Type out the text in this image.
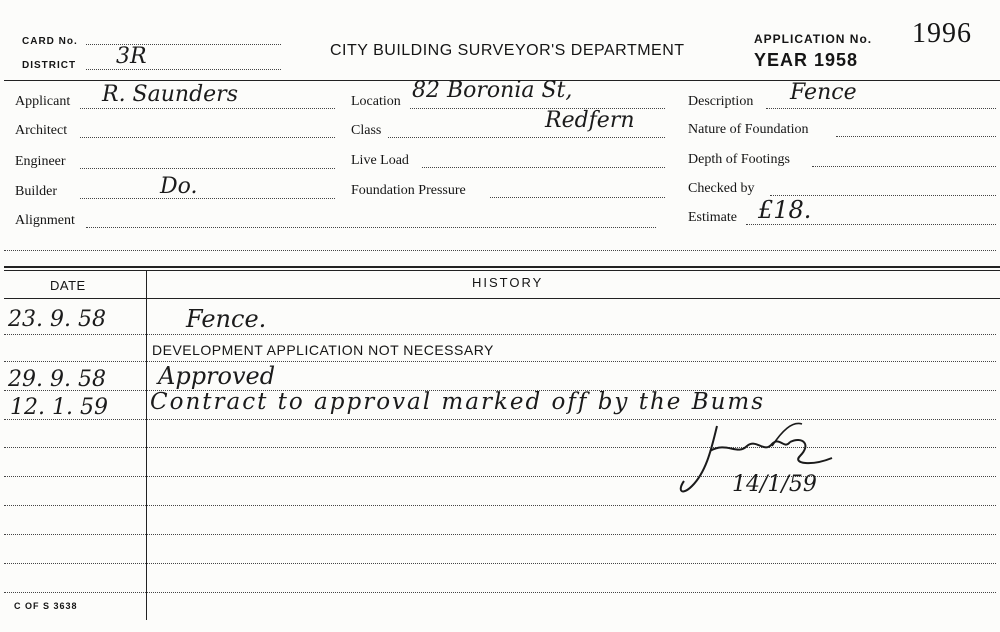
CARD No.
DISTRICT 3R	CITY BUILDING SURVEYOR'S DEPARTMENT
APPLICATION No. 1996
YEAR 1958
Applicant R. Saunders
Architect
Engineer
Builder	Do.
Alignment
Location 82 Boronia St,
Class	Redfern
Live Load
Foundation Pressure
Description Fence
Nature of Foundation
Depth of Footings
Checked by
Estimate £18.
DATE	HISTORY
23. 9. 58	Fence.
DEVELOPMENT APPLICATION NOT NECESSARY
29. 9. 58 Approved
12. 1. 59 Contract to approval marked off by the Bums
14/1/59
C OF S 3638
